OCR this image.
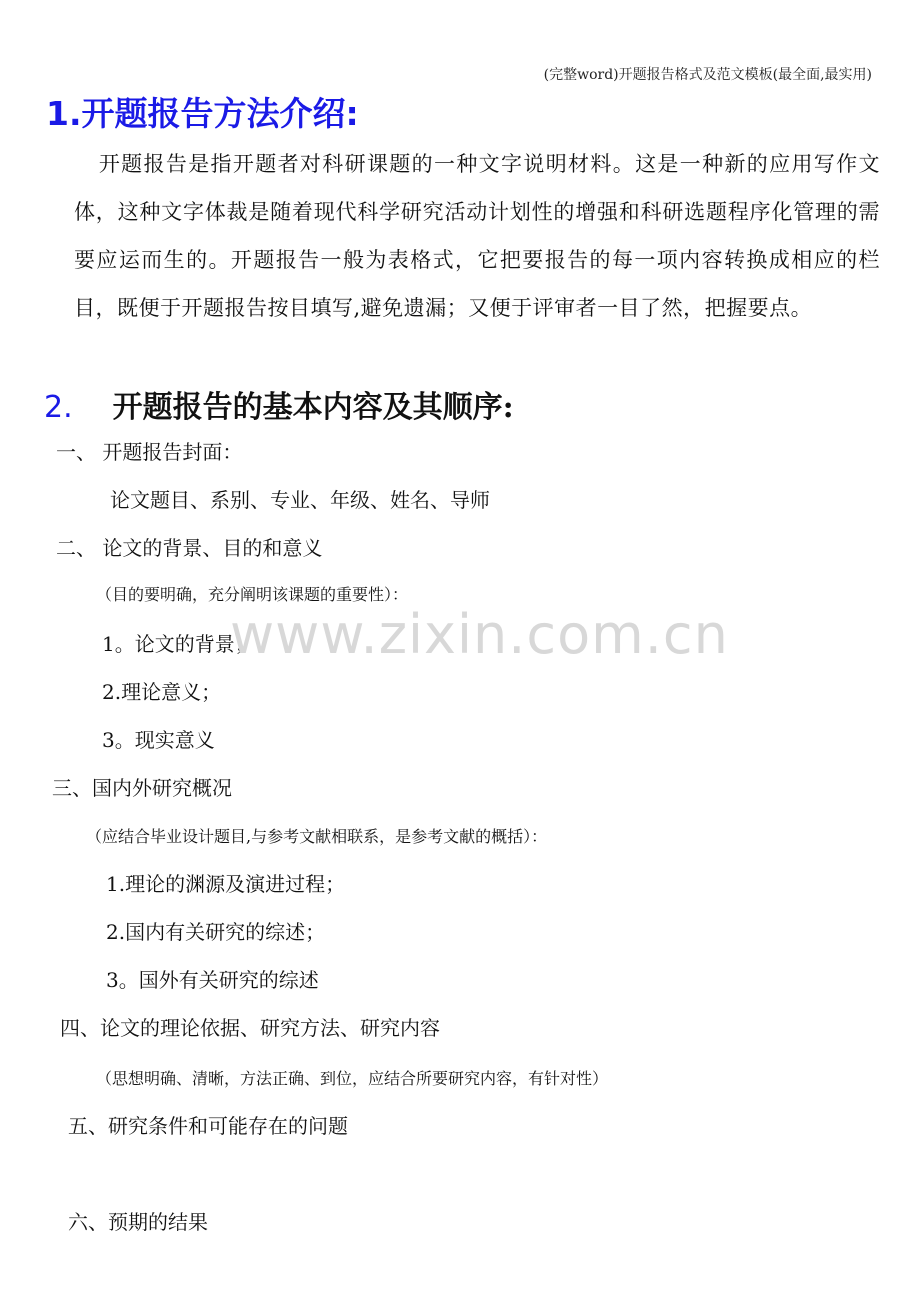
(完整word)开题报告格式及范文模板(最全面,最实用)
1.开题报告方法介绍:
开题报告是指开题者对科研课题的一种文字说明材料。这是一种新的应用写作文体，这种文字体裁是随着现代科学研究活动计划性的增强和科研选题程序化管理的需要应运而生的。开题报告一般为表格式，它把要报告的每一项内容转换成相应的栏目，既便于开题报告按目填写,避免遗漏；又便于评审者一目了然，把握要点。
2. 开题报告的基本内容及其顺序:
一、 开题报告封面：
论文题目、系别、专业、年级、姓名、导师
二、 论文的背景、目的和意义
（目的要明确，充分阐明该课题的重要性）：
1。论文的背景；
2.理论意义；
3。现实意义
三、国内外研究概况
（应结合毕业设计题目,与参考文献相联系，是参考文献的概括）：
1.理论的渊源及演进过程；
2.国内有关研究的综述；
3。国外有关研究的综述
四、论文的理论依据、研究方法、研究内容
（思想明确、清晰，方法正确、到位，应结合所要研究内容，有针对性）
五、研究条件和可能存在的问题
六、预期的结果
www.zixin.com.cn
